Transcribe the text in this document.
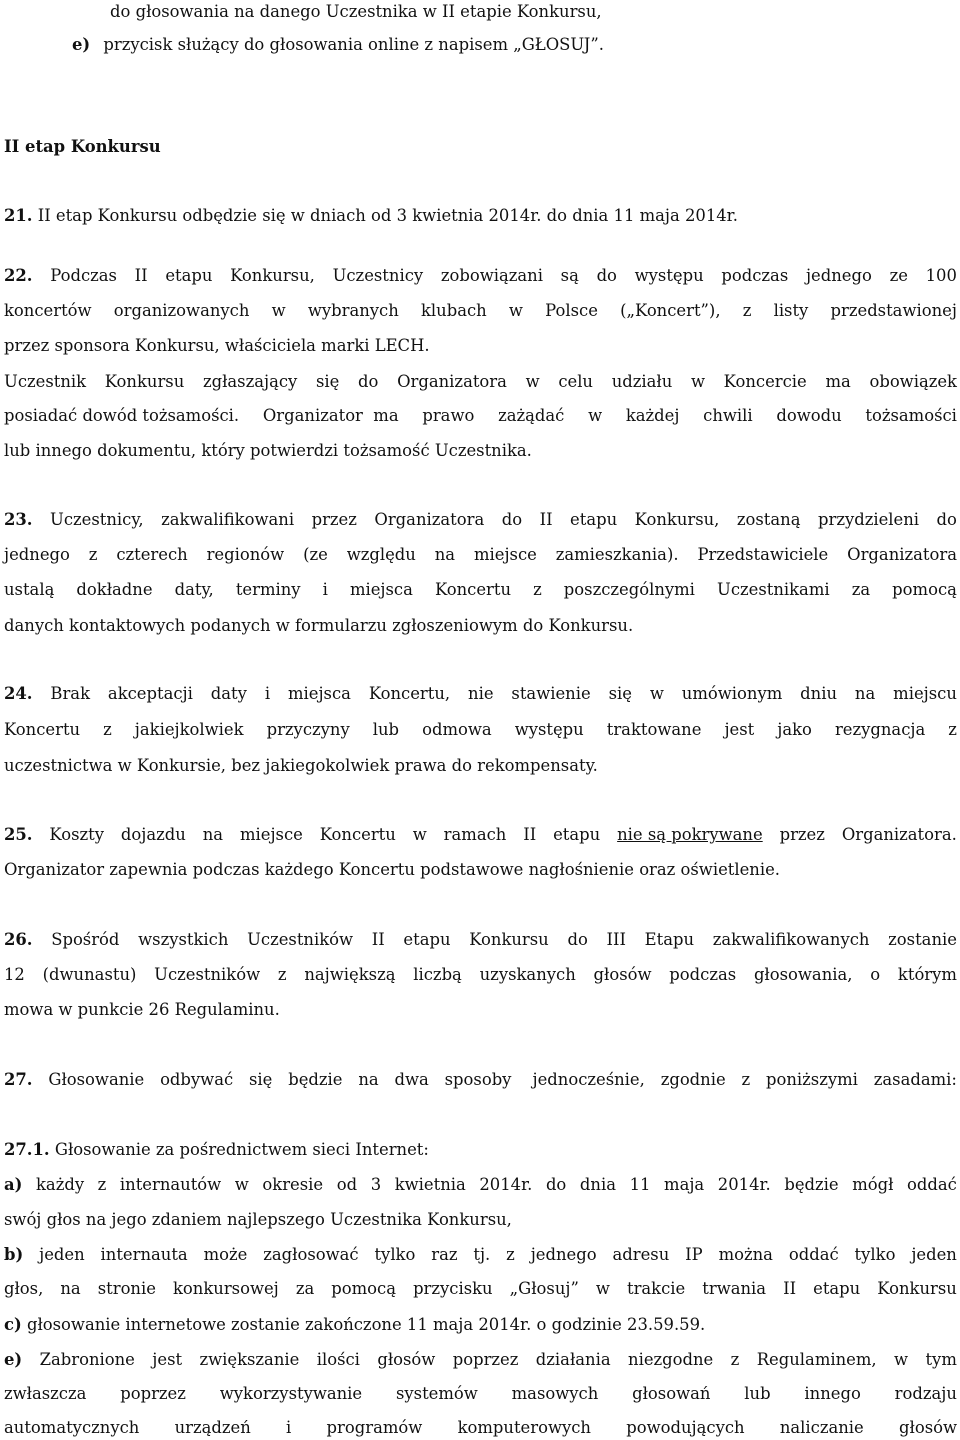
do głosowania na danego Uczestnika w II etapie Konkursu,
e) przycisk służący do głosowania online z napisem „GŁOSUJ”.
II etap Konkursu
21. II etap Konkursu odbędzie się w dniach od 3 kwietnia 2014r. do dnia 11 maja 2014r.
22. Podczas II etapu Konkursu, Uczestnicy zobowiązani są do występu podczas jednego ze 100
koncertów organizowanych w wybranych klubach w Polsce („Koncert”), z listy przedstawionej
przez sponsora Konkursu, właściciela marki LECH.
Uczestnik Konkursu zgłaszający się do Organizatora w celu udziału w Koncercie ma obowiązek
posiadać dowód tożsamości. Organizator  ma prawo zażądać w każdej chwili dowodu tożsamości
lub innego dokumentu, który potwierdzi tożsamość Uczestnika.
23. Uczestnicy, zakwalifikowani przez Organizatora do II etapu Konkursu, zostaną przydzieleni do
jednego z czterech regionów (ze względu na miejsce zamieszkania). Przedstawiciele Organizatora
ustalą dokładne daty, terminy i miejsca Koncertu z poszczególnymi Uczestnikami za pomocą
danych kontaktowych podanych w formularzu zgłoszeniowym do Konkursu.
24. Brak akceptacji daty i miejsca Koncertu, nie stawienie się w umówionym dniu na miejscu
Koncertu z jakiejkolwiek przyczyny lub odmowa występu traktowane jest jako rezygnacja z
uczestnictwa w Konkursie, bez jakiegokolwiek prawa do rekompensaty.
25. Koszty dojazdu na miejsce Koncertu w ramach II etapu nie są pokrywane przez Organizatora.
Organizator zapewnia podczas każdego Koncertu podstawowe nagłośnienie oraz oświetlenie.
26. Spośród wszystkich Uczestników II etapu Konkursu do III Etapu zakwalifikowanych zostanie
12 (dwunastu) Uczestników z największą liczbą uzyskanych głosów podczas głosowania, o którym
mowa w punkcie 26 Regulaminu.
27. Głosowanie odbywać się będzie na dwa sposoby jednocześnie, zgodnie z poniższymi zasadami:
27.1. Głosowanie za pośrednictwem sieci Internet:
a) każdy z internautów w okresie od 3 kwietnia 2014r. do dnia 11 maja 2014r. będzie mógł oddać
swój głos na jego zdaniem najlepszego Uczestnika Konkursu,
b) jeden internauta może zagłosować tylko raz tj. z jednego adresu IP można oddać tylko jeden
głos, na stronie konkursowej za pomocą przycisku „Głosuj” w trakcie trwania II etapu Konkursu
c) głosowanie internetowe zostanie zakończone 11 maja 2014r. o godzinie 23.59.59.
e) Zabronione jest zwiększanie ilości głosów poprzez działania niezgodne z Regulaminem, w tym
zwłaszcza poprzez wykorzystywanie systemów masowych głosowań lub innego rodzaju
automatycznych urządzeń i programów komputerowych powodujących naliczanie głosów
